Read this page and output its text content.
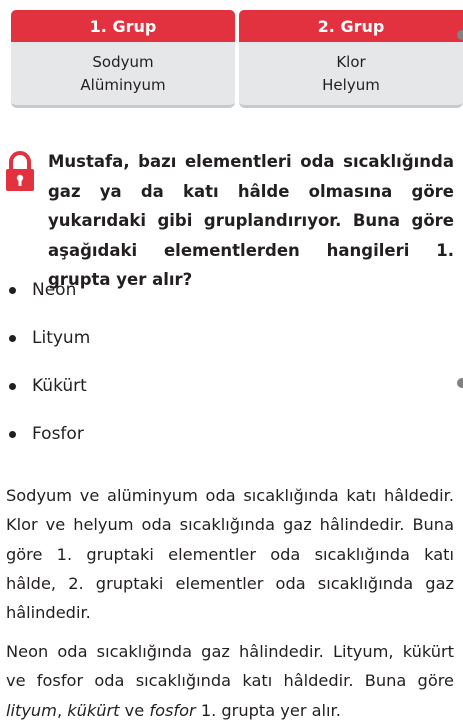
1. Grup
Sodyum
Alüminyum
2. Grup
Klor
Helyum
Mustafa, bazı elementleri oda sıcaklığında gaz ya da katı hâlde olmasına göre yukarıdaki gibi gruplandırıyor. Buna göre aşağıdaki elementlerden hangileri 1. grupta yer alır?
Neon
Lityum
Kükürt
Fosfor
Sodyum ve alüminyum oda sıcaklığında katı hâldedir. Klor ve helyum oda sıcaklığında gaz hâlindedir. Buna göre 1. gruptaki elementler oda sıcaklığında katı hâlde, 2. gruptaki elementler oda sıcaklığında gaz hâlindedir.
Neon oda sıcaklığında gaz hâlindedir. Lityum, kükürt ve fosfor oda sıcaklığında katı hâldedir. Buna göre lityum, kükürt ve fosfor 1. grupta yer alır.
